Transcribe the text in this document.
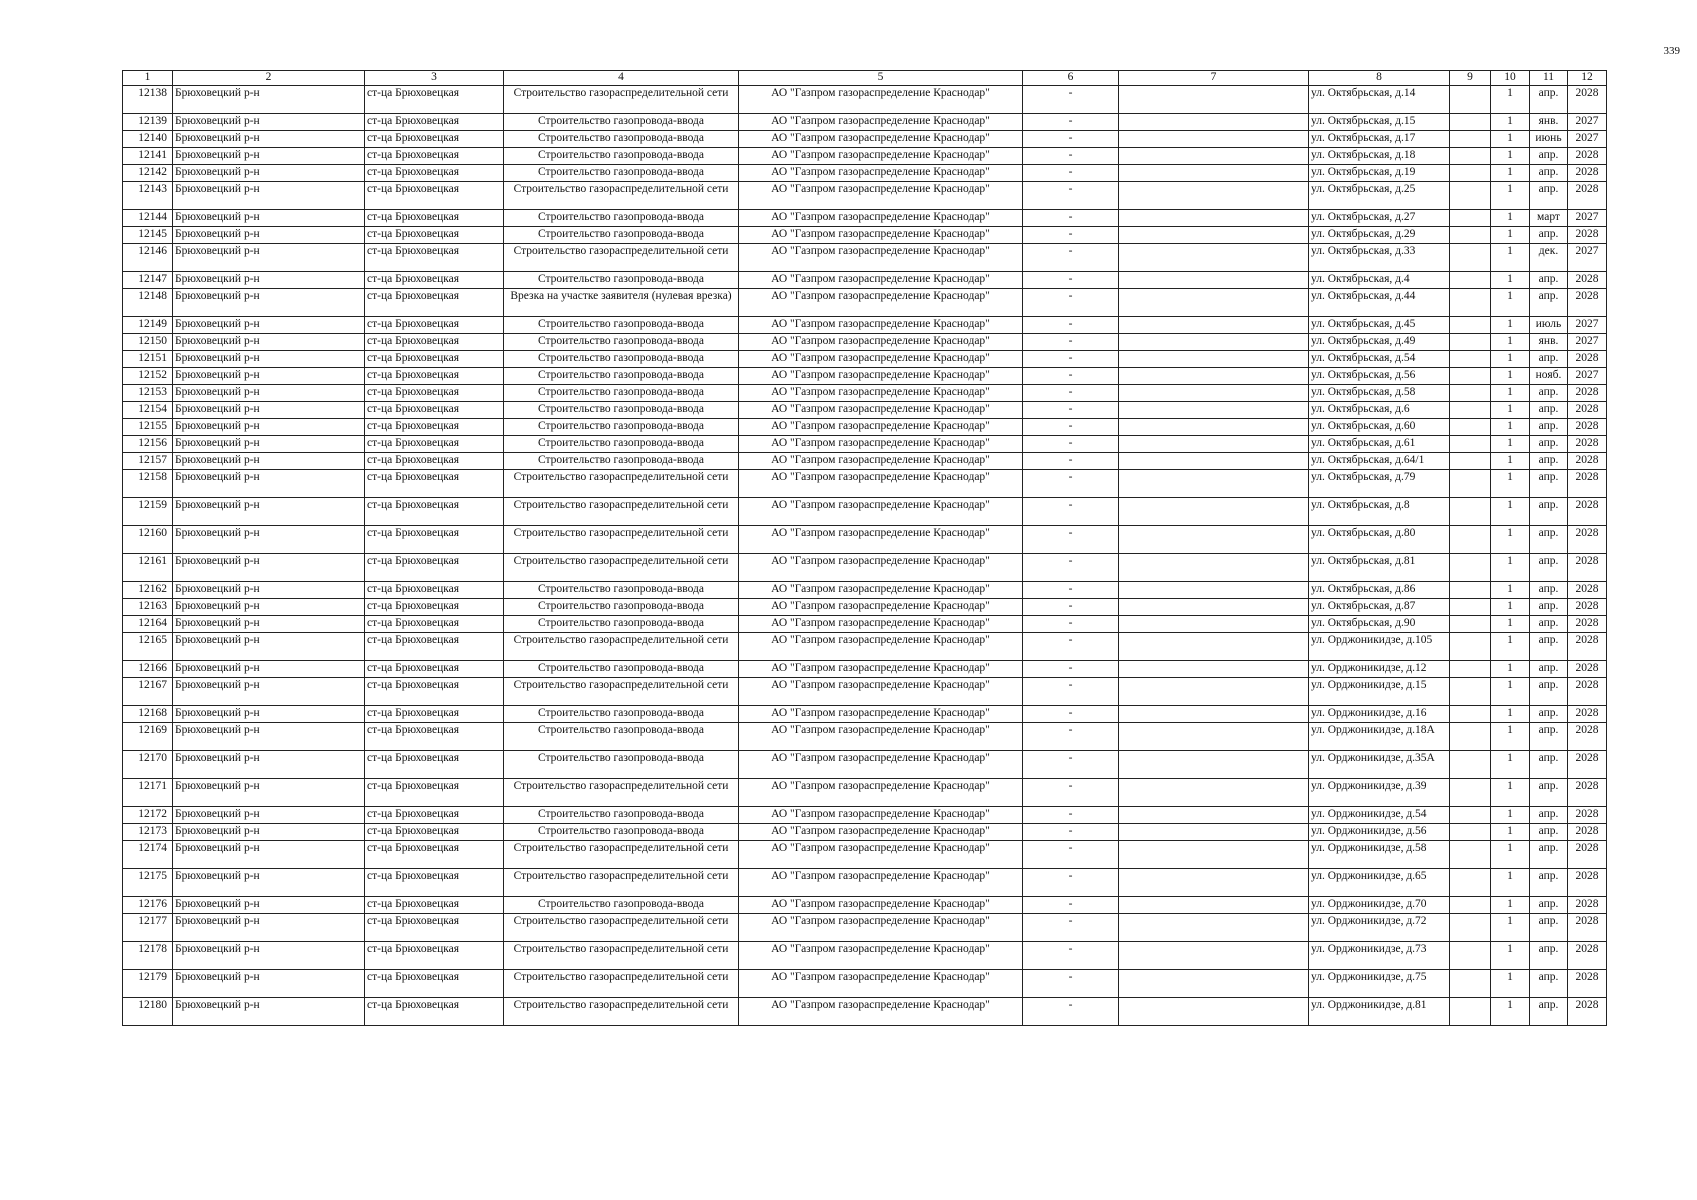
339
1	2	3	4	5	6	7	8	9	10	11	12
12138	Брюховецкий р-н	ст-ца Брюховецкая	Строительство газораспределительной сети	АО "Газпром газораспределение Краснодар"	-		ул. Октябрьская, д.14		1	апр.	2028
12139	Брюховецкий р-н	ст-ца Брюховецкая	Строительство газопровода-ввода	АО "Газпром газораспределение Краснодар"	-		ул. Октябрьская, д.15		1	янв.	2027
12140	Брюховецкий р-н	ст-ца Брюховецкая	Строительство газопровода-ввода	АО "Газпром газораспределение Краснодар"	-		ул. Октябрьская, д.17		1	июнь	2027
12141	Брюховецкий р-н	ст-ца Брюховецкая	Строительство газопровода-ввода	АО "Газпром газораспределение Краснодар"	-		ул. Октябрьская, д.18		1	апр.	2028
12142	Брюховецкий р-н	ст-ца Брюховецкая	Строительство газопровода-ввода	АО "Газпром газораспределение Краснодар"	-		ул. Октябрьская, д.19		1	апр.	2028
12143	Брюховецкий р-н	ст-ца Брюховецкая	Строительство газораспределительной сети	АО "Газпром газораспределение Краснодар"	-		ул. Октябрьская, д.25		1	апр.	2028
12144	Брюховецкий р-н	ст-ца Брюховецкая	Строительство газопровода-ввода	АО "Газпром газораспределение Краснодар"	-		ул. Октябрьская, д.27		1	март	2027
12145	Брюховецкий р-н	ст-ца Брюховецкая	Строительство газопровода-ввода	АО "Газпром газораспределение Краснодар"	-		ул. Октябрьская, д.29		1	апр.	2028
12146	Брюховецкий р-н	ст-ца Брюховецкая	Строительство газораспределительной сети	АО "Газпром газораспределение Краснодар"	-		ул. Октябрьская, д.33		1	дек.	2027
12147	Брюховецкий р-н	ст-ца Брюховецкая	Строительство газопровода-ввода	АО "Газпром газораспределение Краснодар"	-		ул. Октябрьская, д.4		1	апр.	2028
12148	Брюховецкий р-н	ст-ца Брюховецкая	Врезка на участке заявителя (нулевая врезка)	АО "Газпром газораспределение Краснодар"	-		ул. Октябрьская, д.44		1	апр.	2028
12149	Брюховецкий р-н	ст-ца Брюховецкая	Строительство газопровода-ввода	АО "Газпром газораспределение Краснодар"	-		ул. Октябрьская, д.45		1	июль	2027
12150	Брюховецкий р-н	ст-ца Брюховецкая	Строительство газопровода-ввода	АО "Газпром газораспределение Краснодар"	-		ул. Октябрьская, д.49		1	янв.	2027
12151	Брюховецкий р-н	ст-ца Брюховецкая	Строительство газопровода-ввода	АО "Газпром газораспределение Краснодар"	-		ул. Октябрьская, д.54		1	апр.	2028
12152	Брюховецкий р-н	ст-ца Брюховецкая	Строительство газопровода-ввода	АО "Газпром газораспределение Краснодар"	-		ул. Октябрьская, д.56		1	нояб.	2027
12153	Брюховецкий р-н	ст-ца Брюховецкая	Строительство газопровода-ввода	АО "Газпром газораспределение Краснодар"	-		ул. Октябрьская, д.58		1	апр.	2028
12154	Брюховецкий р-н	ст-ца Брюховецкая	Строительство газопровода-ввода	АО "Газпром газораспределение Краснодар"	-		ул. Октябрьская, д.6		1	апр.	2028
12155	Брюховецкий р-н	ст-ца Брюховецкая	Строительство газопровода-ввода	АО "Газпром газораспределение Краснодар"	-		ул. Октябрьская, д.60		1	апр.	2028
12156	Брюховецкий р-н	ст-ца Брюховецкая	Строительство газопровода-ввода	АО "Газпром газораспределение Краснодар"	-		ул. Октябрьская, д.61		1	апр.	2028
12157	Брюховецкий р-н	ст-ца Брюховецкая	Строительство газопровода-ввода	АО "Газпром газораспределение Краснодар"	-		ул. Октябрьская, д.64/1		1	апр.	2028
12158	Брюховецкий р-н	ст-ца Брюховецкая	Строительство газораспределительной сети	АО "Газпром газораспределение Краснодар"	-		ул. Октябрьская, д.79		1	апр.	2028
12159	Брюховецкий р-н	ст-ца Брюховецкая	Строительство газораспределительной сети	АО "Газпром газораспределение Краснодар"	-		ул. Октябрьская, д.8		1	апр.	2028
12160	Брюховецкий р-н	ст-ца Брюховецкая	Строительство газораспределительной сети	АО "Газпром газораспределение Краснодар"	-		ул. Октябрьская, д.80		1	апр.	2028
12161	Брюховецкий р-н	ст-ца Брюховецкая	Строительство газораспределительной сети	АО "Газпром газораспределение Краснодар"	-		ул. Октябрьская, д.81		1	апр.	2028
12162	Брюховецкий р-н	ст-ца Брюховецкая	Строительство газопровода-ввода	АО "Газпром газораспределение Краснодар"	-		ул. Октябрьская, д.86		1	апр.	2028
12163	Брюховецкий р-н	ст-ца Брюховецкая	Строительство газопровода-ввода	АО "Газпром газораспределение Краснодар"	-		ул. Октябрьская, д.87		1	апр.	2028
12164	Брюховецкий р-н	ст-ца Брюховецкая	Строительство газопровода-ввода	АО "Газпром газораспределение Краснодар"	-		ул. Октябрьская, д.90		1	апр.	2028
12165	Брюховецкий р-н	ст-ца Брюховецкая	Строительство газораспределительной сети	АО "Газпром газораспределение Краснодар"	-		ул. Орджоникидзе, д.105		1	апр.	2028
12166	Брюховецкий р-н	ст-ца Брюховецкая	Строительство газопровода-ввода	АО "Газпром газораспределение Краснодар"	-		ул. Орджоникидзе, д.12		1	апр.	2028
12167	Брюховецкий р-н	ст-ца Брюховецкая	Строительство газораспределительной сети	АО "Газпром газораспределение Краснодар"	-		ул. Орджоникидзе, д.15		1	апр.	2028
12168	Брюховецкий р-н	ст-ца Брюховецкая	Строительство газопровода-ввода	АО "Газпром газораспределение Краснодар"	-		ул. Орджоникидзе, д.16		1	апр.	2028
12169	Брюховецкий р-н	ст-ца Брюховецкая	Строительство газопровода-ввода	АО "Газпром газораспределение Краснодар"	-		ул. Орджоникидзе, д.18А		1	апр.	2028
12170	Брюховецкий р-н	ст-ца Брюховецкая	Строительство газопровода-ввода	АО "Газпром газораспределение Краснодар"	-		ул. Орджоникидзе, д.35А		1	апр.	2028
12171	Брюховецкий р-н	ст-ца Брюховецкая	Строительство газораспределительной сети	АО "Газпром газораспределение Краснодар"	-		ул. Орджоникидзе, д.39		1	апр.	2028
12172	Брюховецкий р-н	ст-ца Брюховецкая	Строительство газопровода-ввода	АО "Газпром газораспределение Краснодар"	-		ул. Орджоникидзе, д.54		1	апр.	2028
12173	Брюховецкий р-н	ст-ца Брюховецкая	Строительство газопровода-ввода	АО "Газпром газораспределение Краснодар"	-		ул. Орджоникидзе, д.56		1	апр.	2028
12174	Брюховецкий р-н	ст-ца Брюховецкая	Строительство газораспределительной сети	АО "Газпром газораспределение Краснодар"	-		ул. Орджоникидзе, д.58		1	апр.	2028
12175	Брюховецкий р-н	ст-ца Брюховецкая	Строительство газораспределительной сети	АО "Газпром газораспределение Краснодар"	-		ул. Орджоникидзе, д.65		1	апр.	2028
12176	Брюховецкий р-н	ст-ца Брюховецкая	Строительство газопровода-ввода	АО "Газпром газораспределение Краснодар"	-		ул. Орджоникидзе, д.70		1	апр.	2028
12177	Брюховецкий р-н	ст-ца Брюховецкая	Строительство газораспределительной сети	АО "Газпром газораспределение Краснодар"	-		ул. Орджоникидзе, д.72		1	апр.	2028
12178	Брюховецкий р-н	ст-ца Брюховецкая	Строительство газораспределительной сети	АО "Газпром газораспределение Краснодар"	-		ул. Орджоникидзе, д.73		1	апр.	2028
12179	Брюховецкий р-н	ст-ца Брюховецкая	Строительство газораспределительной сети	АО "Газпром газораспределение Краснодар"	-		ул. Орджоникидзе, д.75		1	апр.	2028
12180	Брюховецкий р-н	ст-ца Брюховецкая	Строительство газораспределительной сети	АО "Газпром газораспределение Краснодар"	-		ул. Орджоникидзе, д.81		1	апр.	2028
